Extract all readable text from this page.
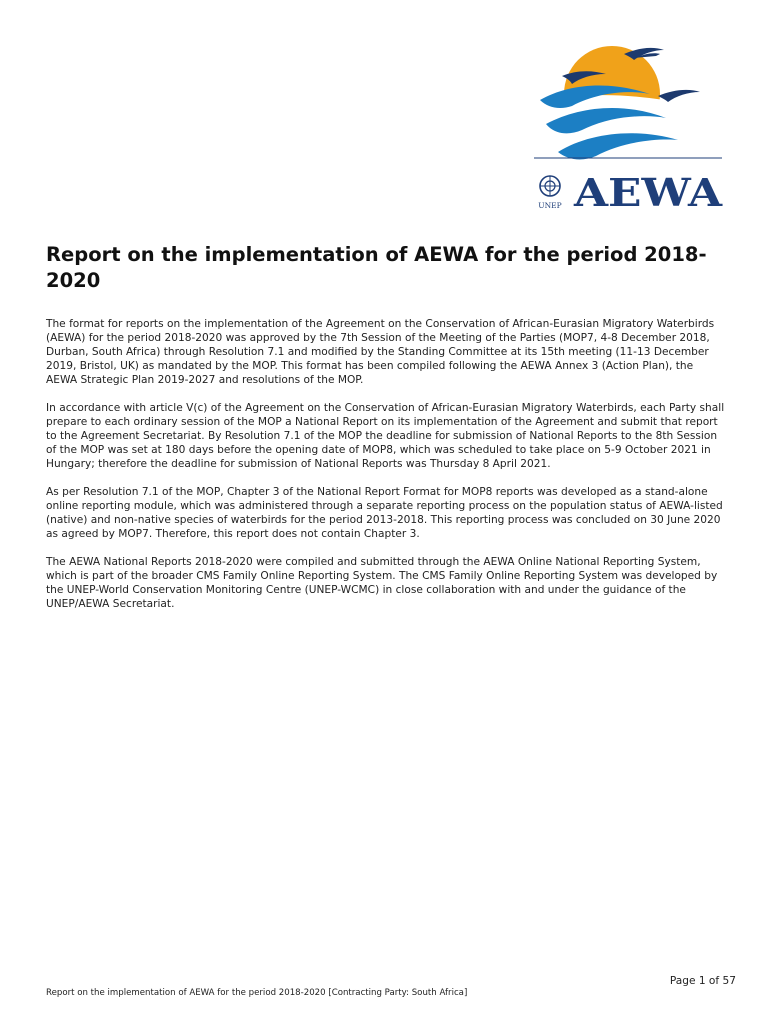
UNEP AEWA
Report on the implementation of AEWA for the period 2018-2020

The format for reports on the implementation of the Agreement on the Conservation of African-Eurasian Migratory Waterbirds (AEWA) for the period 2018-2020 was approved by the 7th Session of the Meeting of the Parties (MOP7, 4-8 December 2018, Durban, South Africa) through Resolution 7.1 and modified by the Standing Committee at its 15th meeting (11-13 December 2019, Bristol, UK) as mandated by the MOP. This format has been compiled following the AEWA Annex 3 (Action Plan), the AEWA Strategic Plan 2019-2027 and resolutions of the MOP.

In accordance with article V(c) of the Agreement on the Conservation of African-Eurasian Migratory Waterbirds, each Party shall prepare to each ordinary session of the MOP a National Report on its implementation of the Agreement and submit that report to the Agreement Secretariat. By Resolution 7.1 of the MOP the deadline for submission of National Reports to the 8th Session of the MOP was set at 180 days before the opening date of MOP8, which was scheduled to take place on 5-9 October 2021 in Hungary; therefore the deadline for submission of National Reports was Thursday 8 April 2021.

As per Resolution 7.1 of the MOP, Chapter 3 of the National Report Format for MOP8 reports was developed as a stand-alone online reporting module, which was administered through a separate reporting process on the population status of AEWA-listed (native) and non-native species of waterbirds for the period 2013-2018. This reporting process was concluded on 30 June 2020 as agreed by MOP7. Therefore, this report does not contain Chapter 3.

The AEWA National Reports 2018-2020 were compiled and submitted through the AEWA Online National Reporting System, which is part of the broader CMS Family Online Reporting System. The CMS Family Online Reporting System was developed by the UNEP-World Conservation Monitoring Centre (UNEP-WCMC) in close collaboration with and under the guidance of the UNEP/AEWA Secretariat.

Page 1 of 57
Report on the implementation of AEWA for the period 2018-2020 [Contracting Party: South Africa]
